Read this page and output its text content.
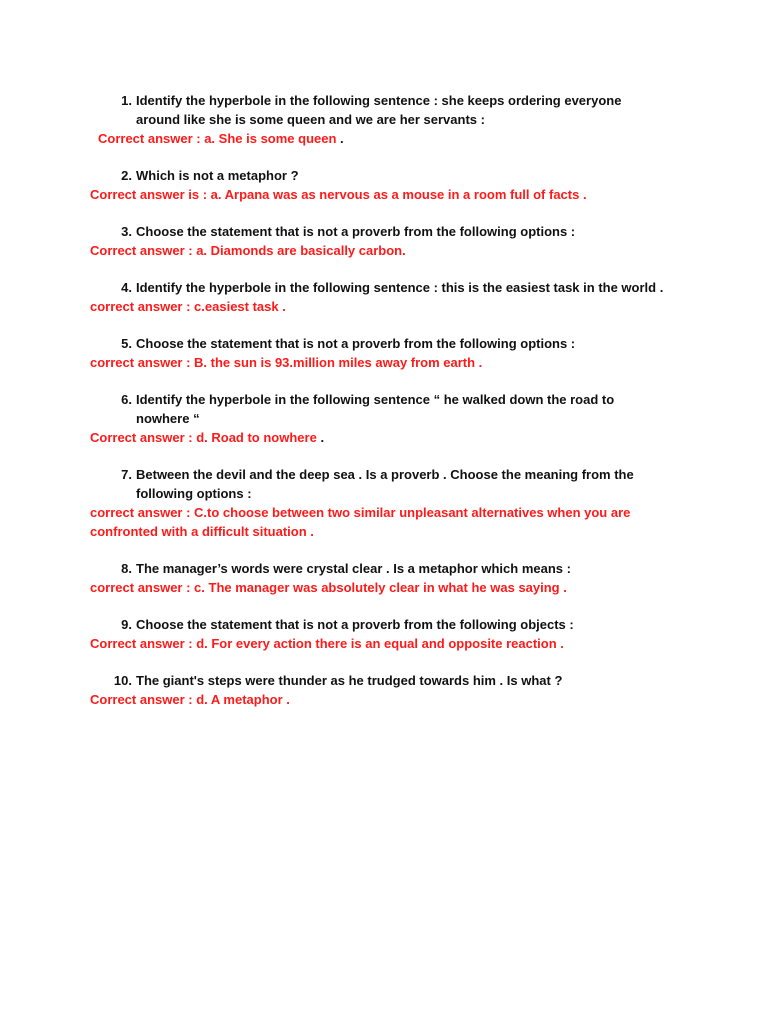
1. Identify the hyperbole in the following sentence : she keeps ordering everyone around like she is some queen and we are her servants :
Correct answer : a. She is some queen .
2. Which is not a metaphor ?
Correct answer is : a. Arpana was as nervous as a mouse in a room full of facts .
3. Choose the statement that is not a proverb from the following options :
Correct answer : a. Diamonds are basically carbon.
4. Identify the hyperbole in the following sentence : this is the easiest task in the world .
correct answer : c.easiest task .
5. Choose the statement that is not a proverb from the following options :
correct answer : B. the sun is 93.million miles away from earth .
6. Identify the hyperbole in the following sentence “ he walked down the road to nowhere “
Correct answer : d. Road to nowhere .
7. Between the devil and the deep sea . Is a proverb . Choose the meaning from the following options :
correct answer : C.to choose between two similar unpleasant alternatives when you are confronted with a difficult situation .
8. The manager’s words were crystal clear . Is a metaphor which means :
correct answer : c. The manager was absolutely clear in what he was saying .
9. Choose the statement that is not a proverb from the following objects :
Correct answer : d. For every action there is an equal and opposite reaction .
10. The giant's steps were thunder as he trudged towards him . Is what ?
Correct answer : d. A metaphor .
